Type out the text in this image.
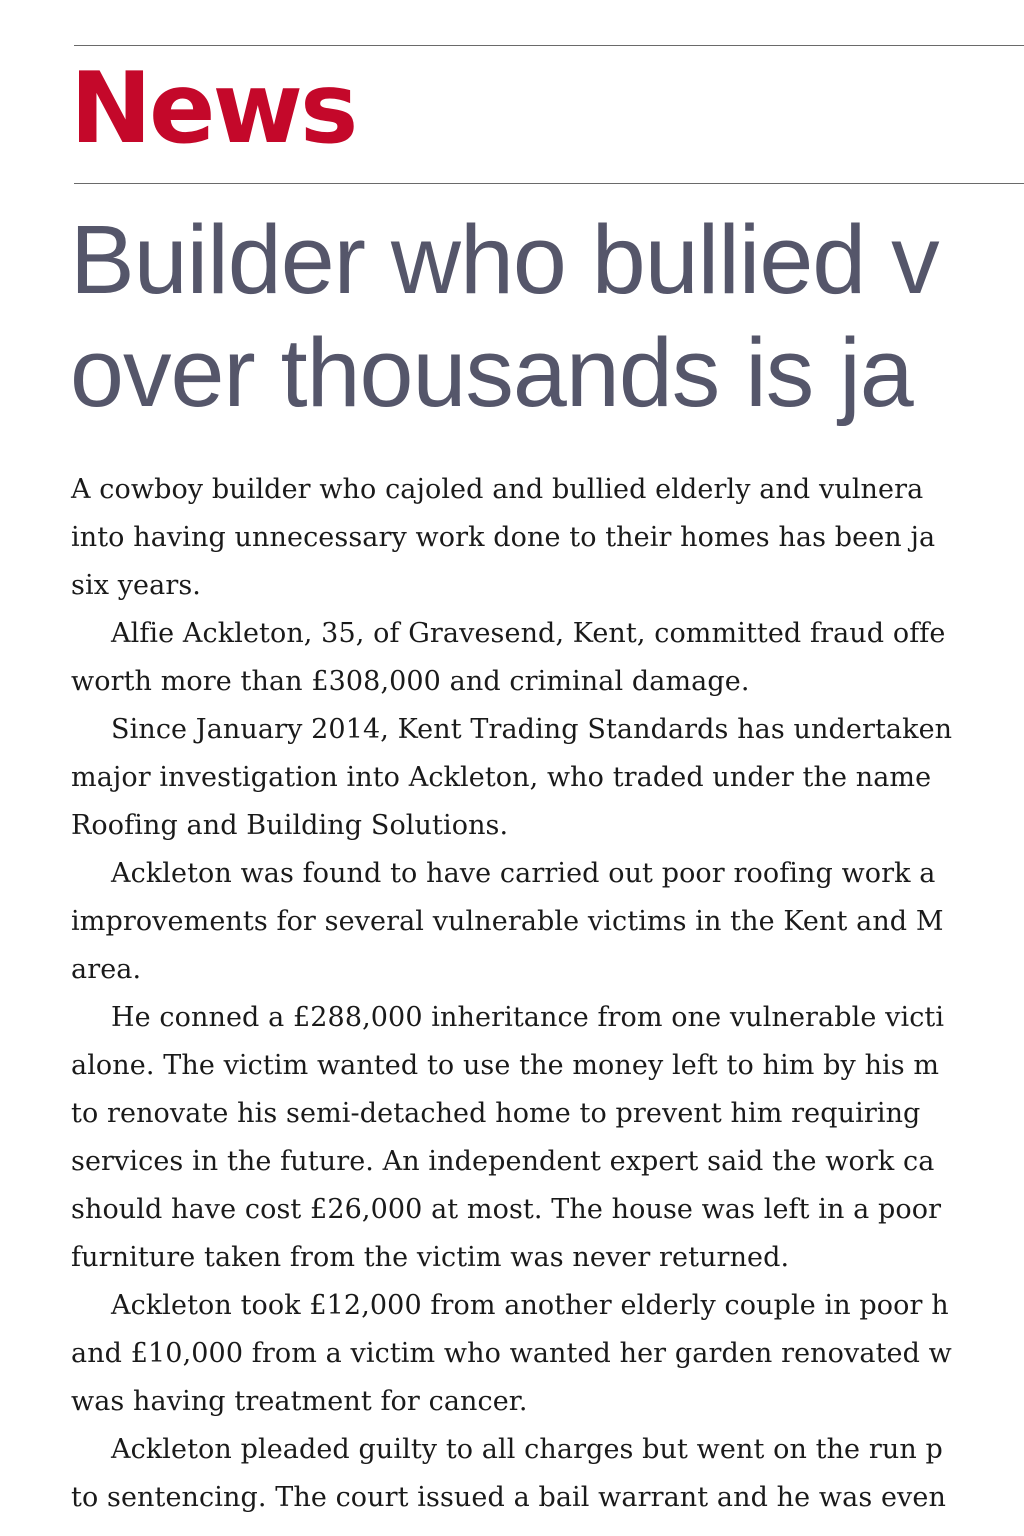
News
Builder who bullied v
over thousands is ja

A cowboy builder who cajoled and bullied elderly and vulnera
into having unnecessary work done to their homes has been ja
six years.

Alfie Ackleton, 35, of Gravesend, Kent, committed fraud offe
worth more than £308,000 and criminal damage.

Since January 2014, Kent Trading Standards has undertaken
major investigation into Ackleton, who traded under the name
Roofing and Building Solutions.

Ackleton was found to have carried out poor roofing work a
improvements for several vulnerable victims in the Kent and M
area.

He conned a £288,000 inheritance from one vulnerable victi
alone. The victim wanted to use the money left to him by his m
to renovate his semi-detached home to prevent him requiring
services in the future. An independent expert said the work ca
should have cost £26,000 at most. The house was left in a poor
furniture taken from the victim was never returned.

Ackleton took £12,000 from another elderly couple in poor h
and £10,000 from a victim who wanted her garden renovated w
was having treatment for cancer.

Ackleton pleaded guilty to all charges but went on the run p
to sentencing. The court issued a bail warrant and he was even
